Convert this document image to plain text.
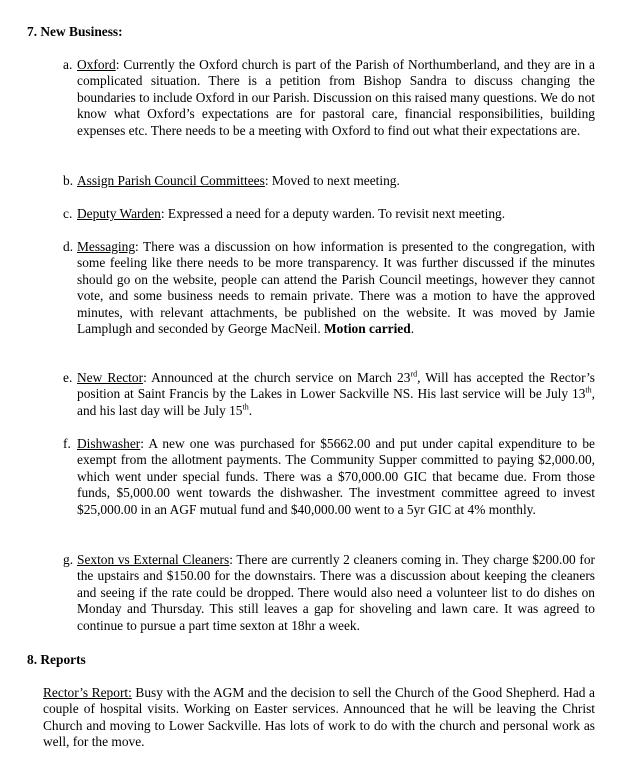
7. New Business:
a. Oxford: Currently the Oxford church is part of the Parish of Northumberland, and they are in a complicated situation. There is a petition from Bishop Sandra to discuss changing the boundaries to include Oxford in our Parish. Discussion on this raised many questions. We do not know what Oxford’s expectations are for pastoral care, financial responsibilities, building expenses etc. There needs to be a meeting with Oxford to find out what their expectations are.
b. Assign Parish Council Committees: Moved to next meeting.
c. Deputy Warden: Expressed a need for a deputy warden. To revisit next meeting.
d. Messaging: There was a discussion on how information is presented to the congregation, with some feeling like there needs to be more transparency. It was further discussed if the minutes should go on the website, people can attend the Parish Council meetings, however they cannot vote, and some business needs to remain private. There was a motion to have the approved minutes, with relevant attachments, be published on the website. It was moved by Jamie Lamplugh and seconded by George MacNeil. Motion carried.
e. New Rector: Announced at the church service on March 23rd, Will has accepted the Rector’s position at Saint Francis by the Lakes in Lower Sackville NS. His last service will be July 13th, and his last day will be July 15th.
f. Dishwasher: A new one was purchased for $5662.00 and put under capital expenditure to be exempt from the allotment payments. The Community Supper committed to paying $2,000.00, which went under special funds. There was a $70,000.00 GIC that became due. From those funds, $5,000.00 went towards the dishwasher. The investment committee agreed to invest $25,000.00 in an AGF mutual fund and $40,000.00 went to a 5yr GIC at 4% monthly.
g. Sexton vs External Cleaners: There are currently 2 cleaners coming in. They charge $200.00 for the upstairs and $150.00 for the downstairs. There was a discussion about keeping the cleaners and seeing if the rate could be dropped. There would also need a volunteer list to do dishes on Monday and Thursday. This still leaves a gap for shoveling and lawn care. It was agreed to continue to pursue a part time sexton at 18hr a week.
8. Reports
Rector’s Report: Busy with the AGM and the decision to sell the Church of the Good Shepherd. Had a couple of hospital visits. Working on Easter services. Announced that he will be leaving the Christ Church and moving to Lower Sackville. Has lots of work to do with the church and personal work as well, for the move.
